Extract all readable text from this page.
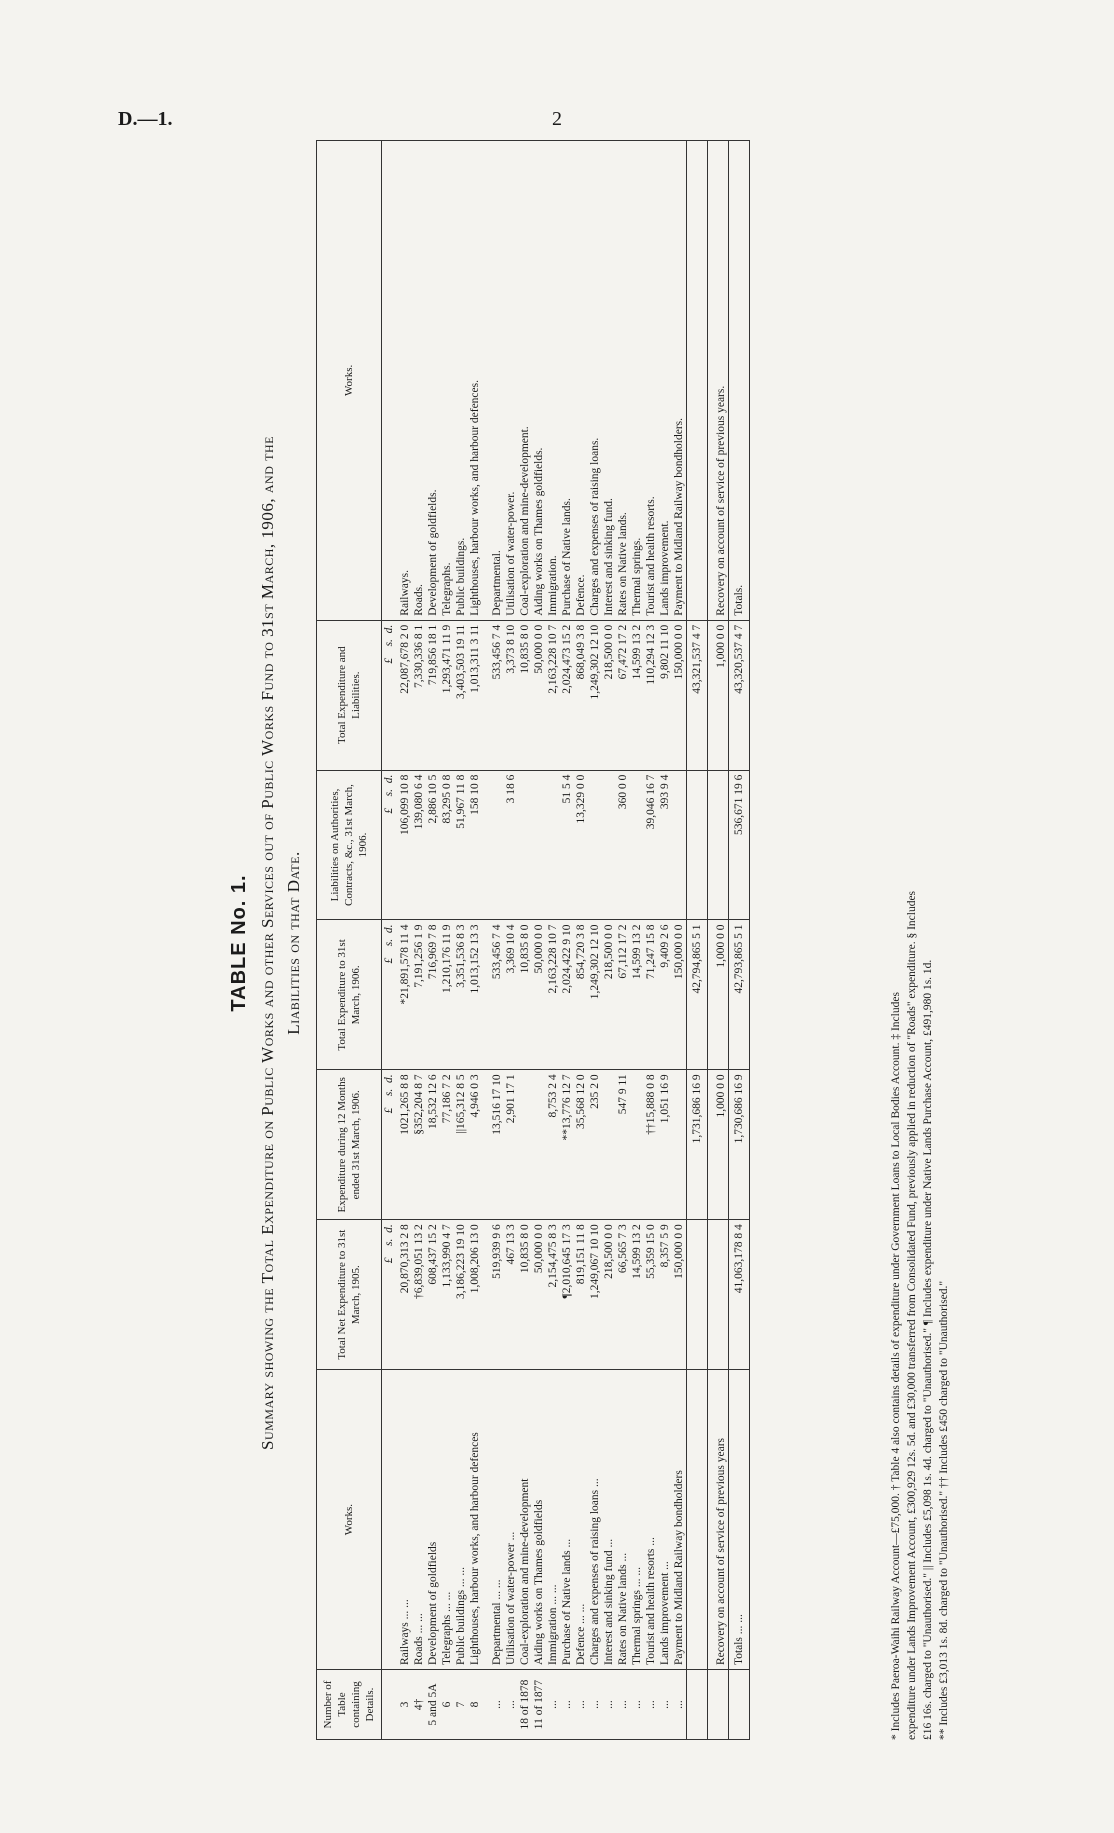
D.—1.	2
TABLE No. 1. Summary showing the Total Expenditure on Public Works and other Services out of Public Works Fund to 31st March, 1906, and the Liabilities on that Date.
Number of Table containing Details.	Works.	Total Net Expenditure to 31st March, 1905.	Expenditure during 12 Months ended 31st March, 1906.	Total Expenditure to 31st March, 1906.	Liabilities on Authorities, Contracts, &c., 31st March, 1906.	Total Expenditure and Liabilities.	Works.
		£    s.  d.	£    s.  d.	£    s.  d.	£    s.  d.	£    s.  d.	
3	Railways ... ...	20,870,313 2 8	1021,265 8 8	*21,891,578 11 4	106,099 10 8	22,087,678 2 0	Railways.
4†	Roads ... ...	†6,839,051 13 2	§352,204 8 7	7,191,256 1 9	139,080 6 4	7,330,336 8 1	Roads.
5 and 5A	Development of goldfields	608,437 15 2	18,532 12 6	716,969 7 8	2,886 10 5	719,856 18 1	Development of goldfields.
6	Telegraphs ... ...	1,133,990 4 7	77,186 7 2	1,210,176 11 9	83,295 0 8	1,293,471 11 9	Telegraphs.
7	Public buildings ... ...	3,186,223 19 10	||165,312 8 5	3,351,536 8 3	51,967 11 8	3,403,503 19 11	Public buildings.
8	Lighthouses, harbour works, and harbour defences	1,008,206 13 0	4,946 0 3	1,013,152 13 3	158 10 8	1,013,311 3 11	Lighthouses, harbour works, and harbour defences.

...	Departmental ... ...	519,939 9 6	13,516 17 10	533,456 7 4		533,456 7 4	Departmental.
...	Utilisation of water-power ...	467 13 3	2,901 17 1	3,369 10 4	3 18 6	3,373 8 10	Utilisation of water-power.
18 of 1878	Coal-exploration and mine-development	10,835 8 0		10,835 8 0		10,835 8 0	Coal-exploration and mine-development.
11 of 1877	Aiding works on Thames goldfields	50,000 0 0		50,000 0 0		50,000 0 0	Aiding works on Thames goldfields.
...	Immigration ... ...	2,154,475 8 3	8,753 2 4	2,163,228 10 7		2,163,228 10 7	Immigration.
...	Purchase of Native lands ...	¶2,010,645 17 3	**13,776 12 7	2,024,422 9 10	51 5 4	2,024,473 15 2	Purchase of Native lands.
...	Defence ... ...	819,151 11 8	35,568 12 0	854,720 3 8	13,329 0 0	868,049 3 8	Defence.
...	Charges and expenses of raising loans ...	1,249,067 10 10	235 2 0	1,249,302 12 10		1,249,302 12 10	Charges and expenses of raising loans.
...	Interest and sinking fund ...	218,500 0 0		218,500 0 0		218,500 0 0	Interest and sinking fund.
...	Rates on Native lands ...	66,565 7 3	547 9 11	67,112 17 2	360 0 0	67,472 17 2	Rates on Native lands.
...	Thermal springs ... ...	14,599 13 2		14,599 13 2		14,599 13 2	Thermal springs.
...	Tourist and health resorts ...	55,359 15 0	††15,888 0 8	71,247 15 8	39,046 16 7	110,294 12 3	Tourist and health resorts.
...	Lands improvement ...	8,357 5 9	1,051 16 9	9,409 2 6	393 9 4	9,802 11 10	Lands improvement.
...	Payment to Midland Railway bondholders	150,000 0 0		150,000 0 0		150,000 0 0	Payment to Midland Railway bondholders.
			1,731,686 16 9	42,794,865 5 1		43,321,537 4 7	
	Recovery on account of service of previous years		1,000 0 0	1,000 0 0		1,000 0 0	Recovery on account of service of previous years.
	Totals ... ...	41,063,178 8 4	1,730,686 16 9	42,793,865 5 1	536,671 19 6	43,320,537 4 7	Totals.
* Includes Paeroa-Waihi Railway Account—£75,000. † Table 4 also contains details of expenditure under Government Loans to Local Bodies Account. ‡ Includes expenditure under Lands Improvement Account, £300,929 12s. 5d. and £30,000 transferred from Consolidated Fund, previously applied in reduction of "Roads" expenditure. § Includes £16 16s. charged to "Unauthorised." || Includes £5,098 1s. 4d. charged to "Unauthorised." ¶ Includes expenditure under Native Lands Purchase Account, £491,980 1s. 1d. ** Includes £3,013 1s. 8d. charged to "Unauthorised." †† Includes £450 charged to "Unauthorised."
